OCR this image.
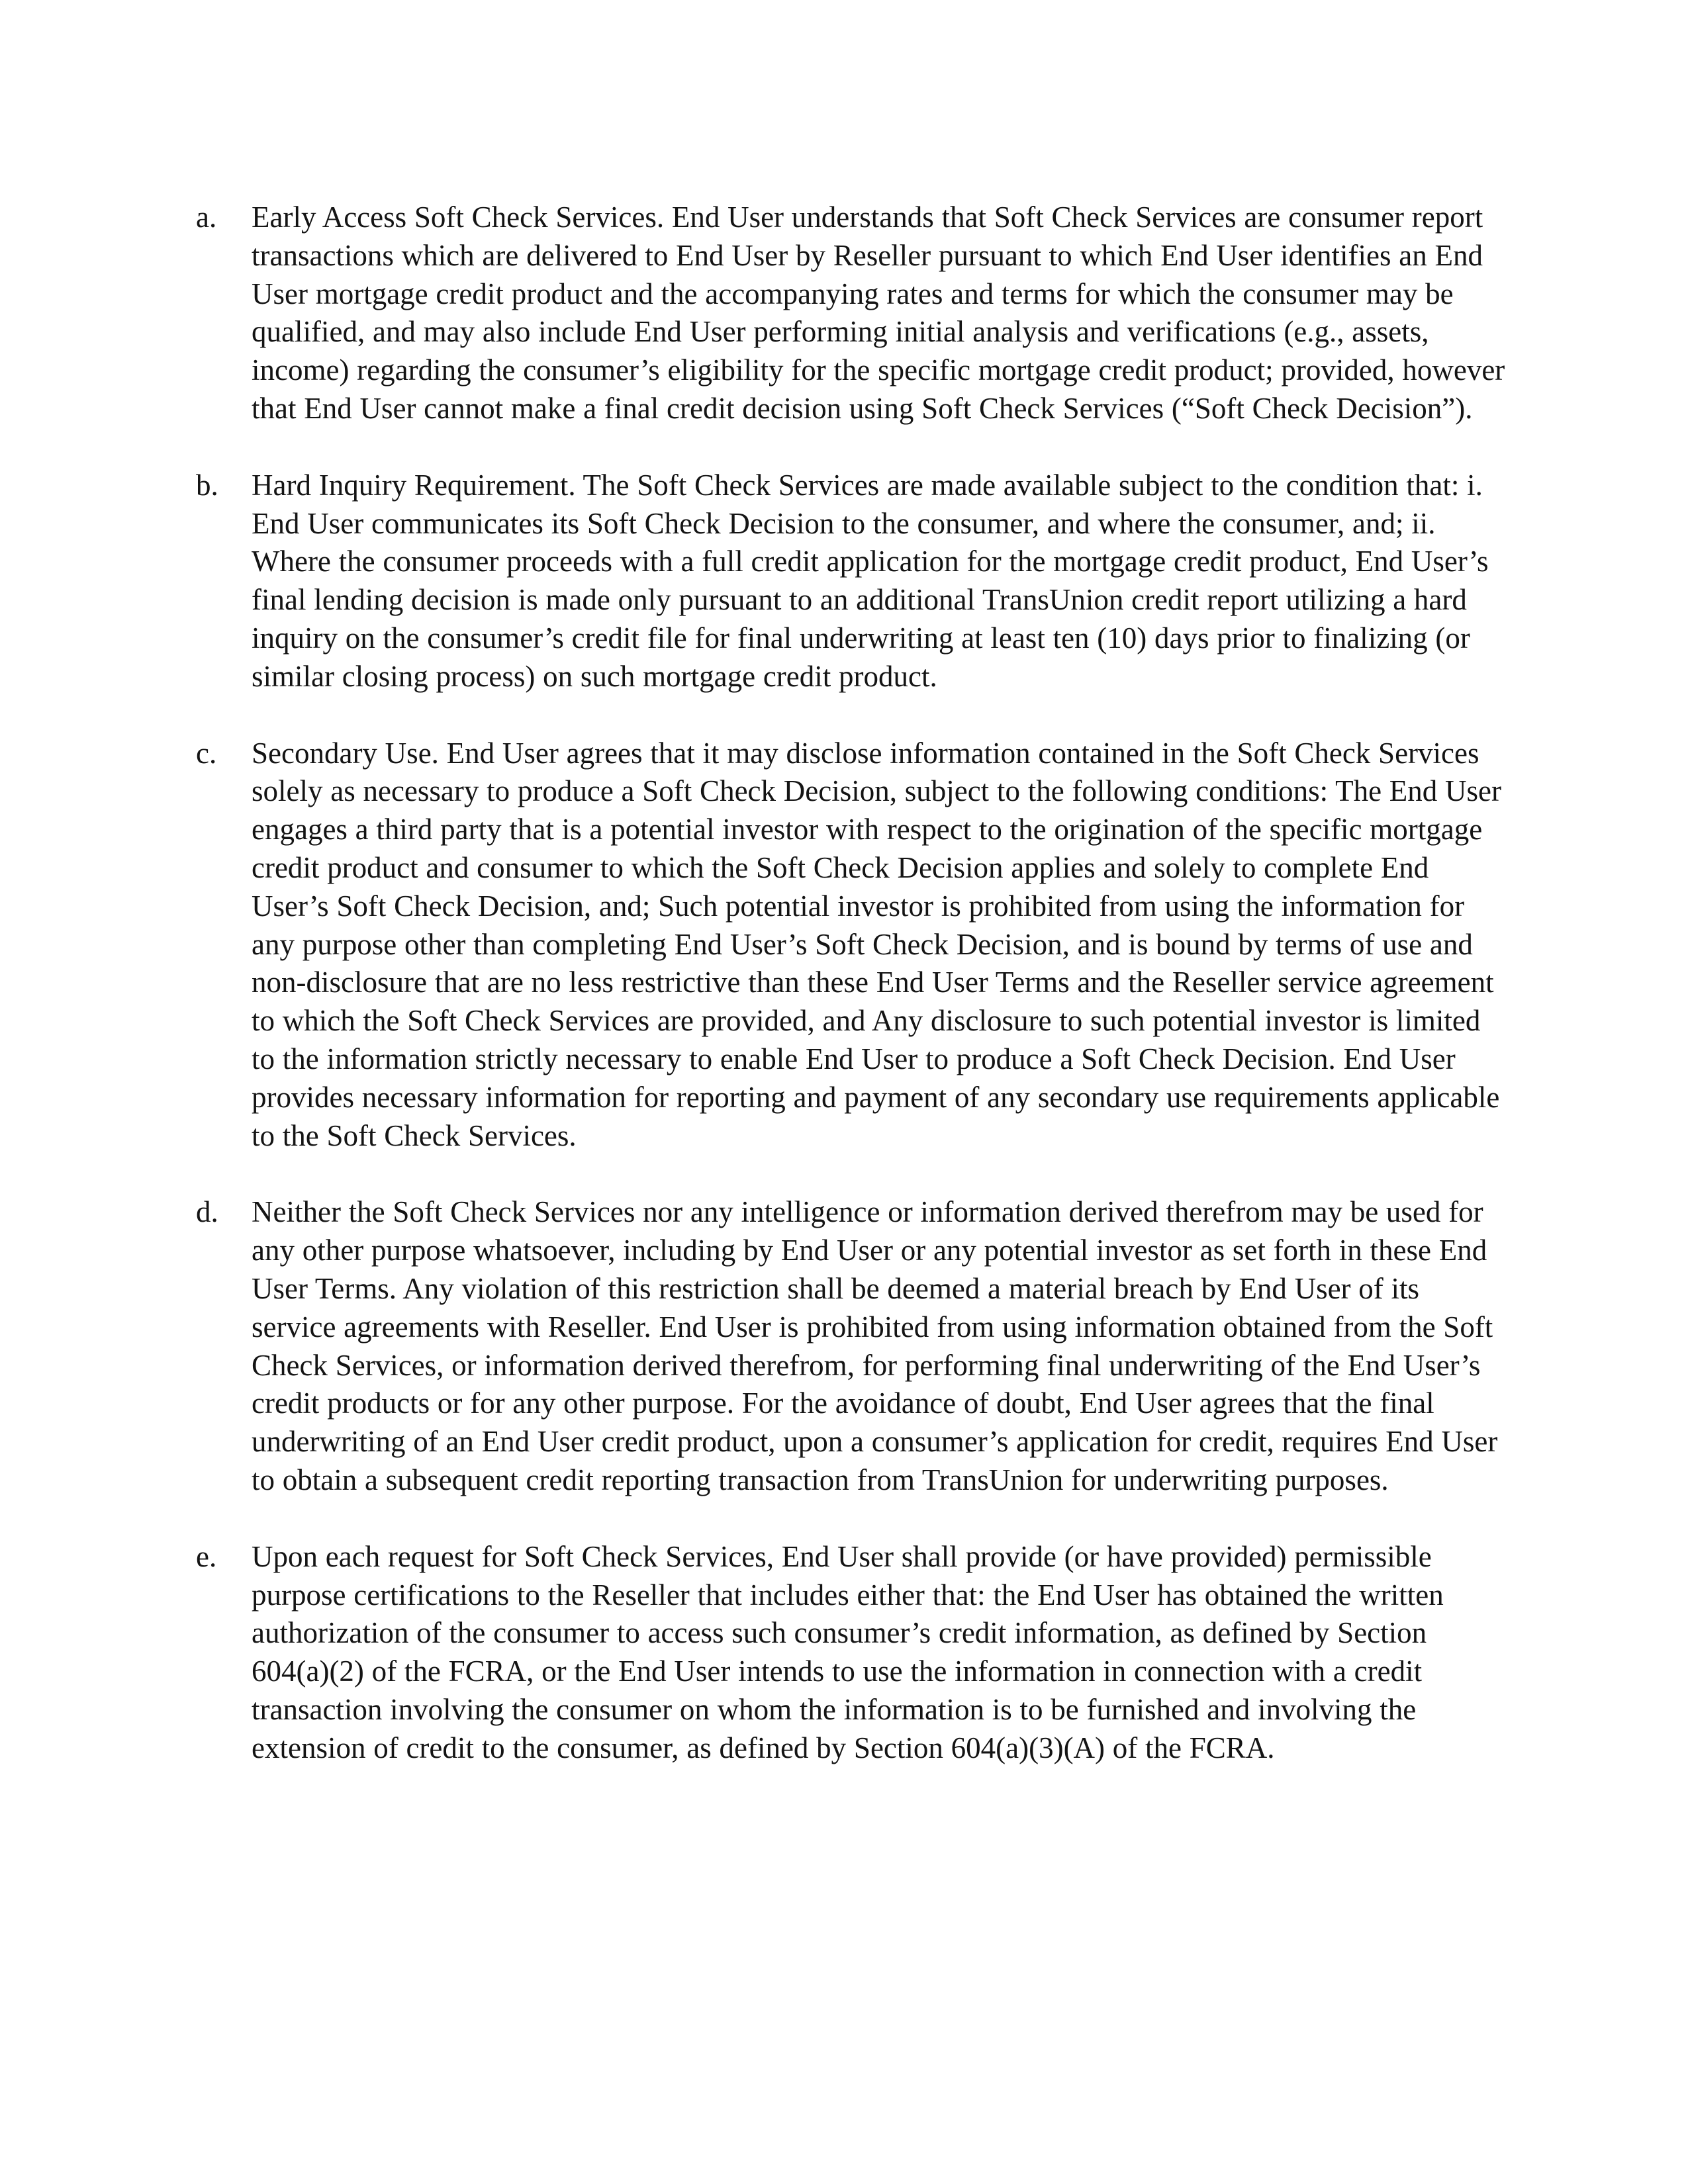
a. Early Access Soft Check Services. End User understands that Soft Check Services are consumer report transactions which are delivered to End User by Reseller pursuant to which End User identifies an End User mortgage credit product and the accompanying rates and terms for which the consumer may be qualified, and may also include End User performing initial analysis and verifications (e.g., assets, income) regarding the consumer’s eligibility for the specific mortgage credit product; provided, however that End User cannot make a final credit decision using Soft Check Services (“Soft Check Decision”).
b. Hard Inquiry Requirement. The Soft Check Services are made available subject to the condition that: i. End User communicates its Soft Check Decision to the consumer, and where the consumer, and; ii. Where the consumer proceeds with a full credit application for the mortgage credit product, End User’s final lending decision is made only pursuant to an additional TransUnion credit report utilizing a hard inquiry on the consumer’s credit file for final underwriting at least ten (10) days prior to finalizing (or similar closing process) on such mortgage credit product.
c. Secondary Use. End User agrees that it may disclose information contained in the Soft Check Services solely as necessary to produce a Soft Check Decision, subject to the following conditions: The End User engages a third party that is a potential investor with respect to the origination of the specific mortgage credit product and consumer to which the Soft Check Decision applies and solely to complete End User’s Soft Check Decision, and; Such potential investor is prohibited from using the information for any purpose other than completing End User’s Soft Check Decision, and is bound by terms of use and non-disclosure that are no less restrictive than these End User Terms and the Reseller service agreement to which the Soft Check Services are provided, and Any disclosure to such potential investor is limited to the information strictly necessary to enable End User to produce a Soft Check Decision. End User provides necessary information for reporting and payment of any secondary use requirements applicable to the Soft Check Services.
d. Neither the Soft Check Services nor any intelligence or information derived therefrom may be used for any other purpose whatsoever, including by End User or any potential investor as set forth in these End User Terms. Any violation of this restriction shall be deemed a material breach by End User of its service agreements with Reseller. End User is prohibited from using information obtained from the Soft Check Services, or information derived therefrom, for performing final underwriting of the End User’s credit products or for any other purpose. For the avoidance of doubt, End User agrees that the final underwriting of an End User credit product, upon a consumer’s application for credit, requires End User to obtain a subsequent credit reporting transaction from TransUnion for underwriting purposes.
e. Upon each request for Soft Check Services, End User shall provide (or have provided) permissible purpose certifications to the Reseller that includes either that: the End User has obtained the written authorization of the consumer to access such consumer’s credit information, as defined by Section 604(a)(2) of the FCRA, or the End User intends to use the information in connection with a credit transaction involving the consumer on whom the information is to be furnished and involving the extension of credit to the consumer, as defined by Section 604(a)(3)(A) of the FCRA.
